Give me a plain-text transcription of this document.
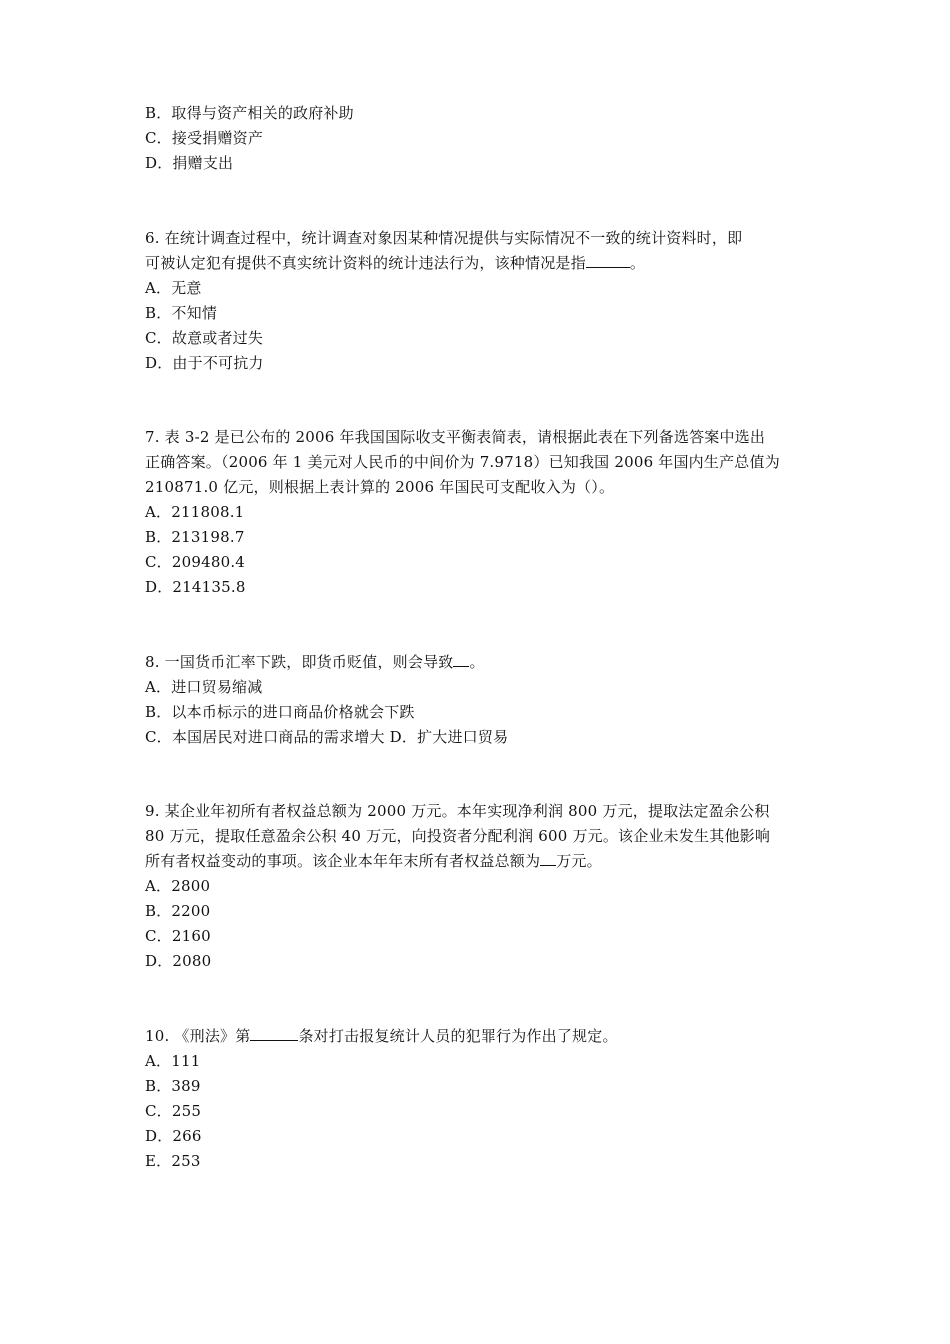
B．取得与资产相关的政府补助
C．接受捐赠资产
D．捐赠支出
6. 在统计调查过程中，统计调查对象因某种情况提供与实际情况不一致的统计资料时，即
可被认定犯有提供不真实统计资料的统计违法行为，该种情况是指	。
A．无意
B．不知情
C．故意或者过失
D．由于不可抗力
7. 表 3-2 是已公布的 2006 年我国国际收支平衡表简表，请根据此表在下列备选答案中选出
正确答案。（2006 年 1 美元对人民币的中间价为 7.9718）已知我国 2006 年国内生产总值为
210871.0 亿元，则根据上表计算的 2006 年国民可支配收入为（）。
A．211808.1
B．213198.7
C．209480.4
D．214135.8
8. 一国货币汇率下跌，即货币贬值，则会导致 。
A．进口贸易缩减
B．以本币标示的进口商品价格就会下跌
C．本国居民对进口商品的需求增大 D．扩大进口贸易
9. 某企业年初所有者权益总额为 2000 万元。本年实现净利润 800 万元，提取法定盈余公积
80 万元，提取任意盈余公积 40 万元，向投资者分配利润 600 万元。该企业未发生其他影响
所有者权益变动的事项。该企业本年年末所有者权益总额为 万元。
A．2800
B．2200
C．2160
D．2080
10. 《刑法》第	条对打击报复统计人员的犯罪行为作出了规定。
A．111
B．389
C．255
D．266
E．253
